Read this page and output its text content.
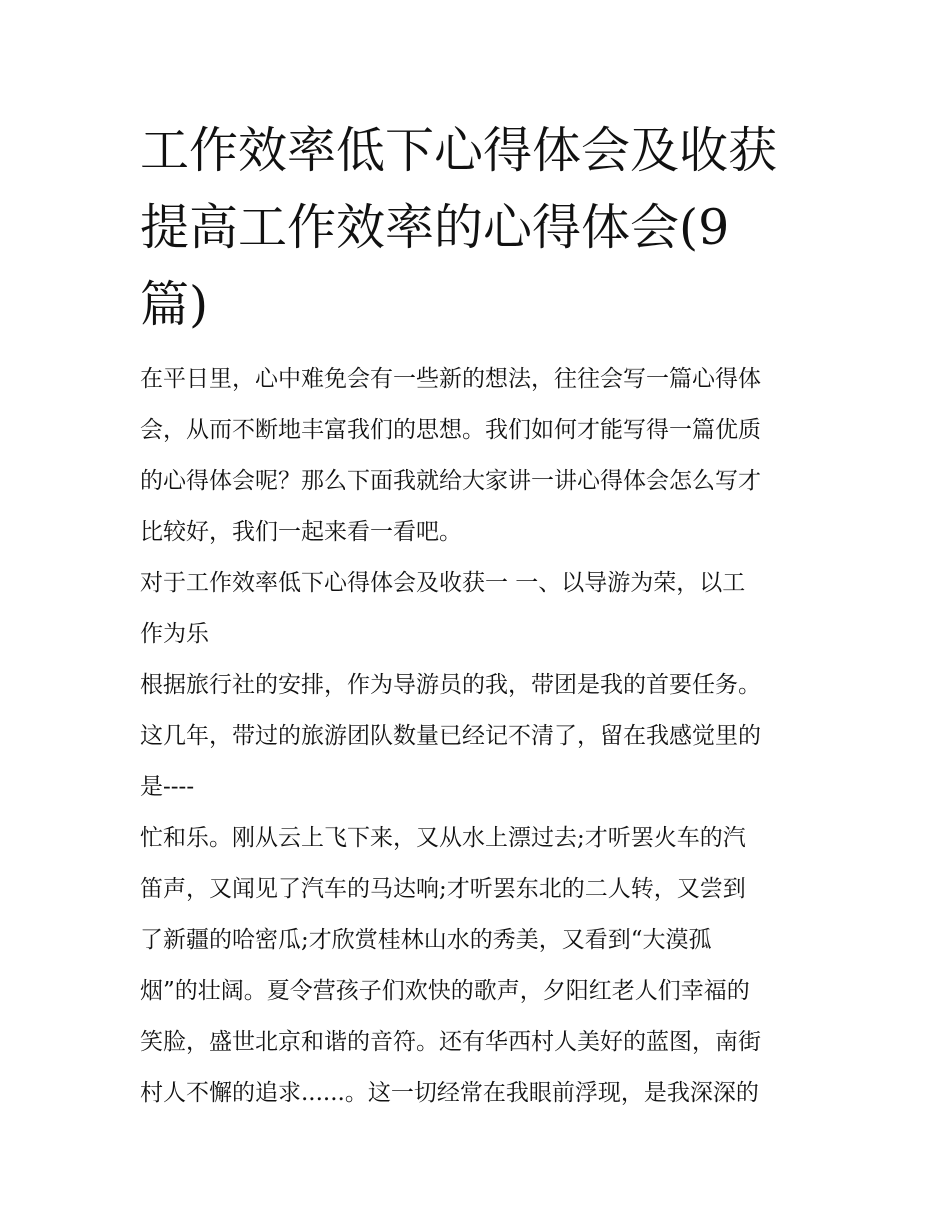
工作效率低下心得体会及收获
提高工作效率的心得体会(9
篇)
在平日里，心中难免会有一些新的想法，往往会写一篇心得体
会，从而不断地丰富我们的思想。我们如何才能写得一篇优质
的心得体会呢？那么下面我就给大家讲一讲心得体会怎么写才
比较好，我们一起来看一看吧。
对于工作效率低下心得体会及收获一 一、以导游为荣，以工
作为乐
根据旅行社的安排，作为导游员的我，带团是我的首要任务。
这几年，带过的旅游团队数量已经记不清了，留在我感觉里的
是----
忙和乐。刚从云上飞下来，又从水上漂过去;才听罢火车的汽
笛声，又闻见了汽车的马达响;才听罢东北的二人转，又尝到
了新疆的哈密瓜;才欣赏桂林山水的秀美，又看到“大漠孤
烟”的壮阔。夏令营孩子们欢快的歌声，夕阳红老人们幸福的
笑脸，盛世北京和谐的音符。还有华西村人美好的蓝图，南街
村人不懈的追求......。这一切经常在我眼前浮现，是我深深的
